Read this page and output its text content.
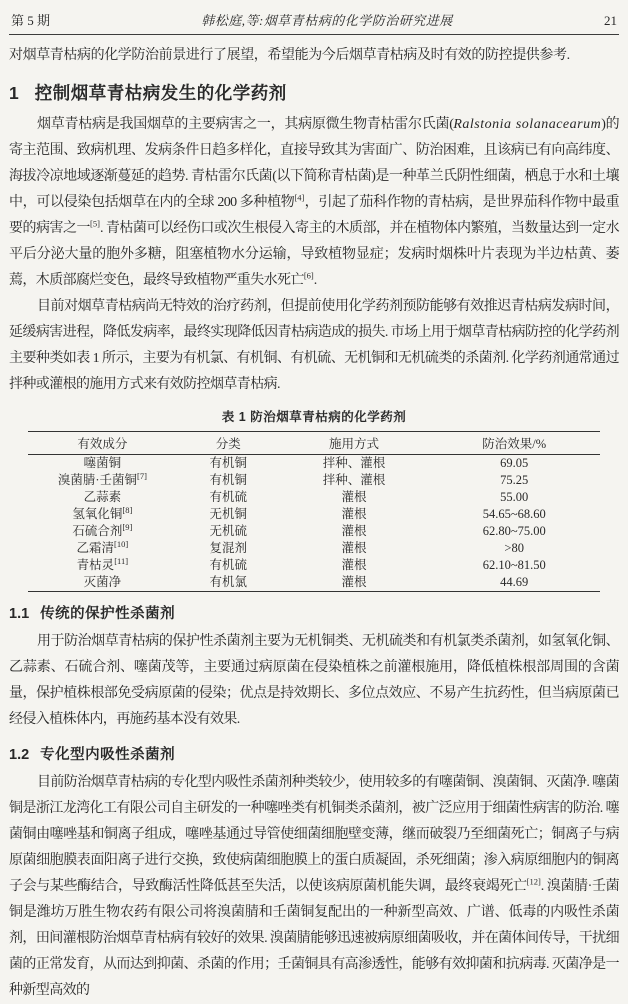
第 5 期	韩松庭,等:烟草青枯病的化学防治研究进展	21

对烟草青枯病的化学防治前景进行了展望，希望能为今后烟草青枯病及时有效的防控提供参考.

1 控制烟草青枯病发生的化学药剂

烟草青枯病是我国烟草的主要病害之一，其病原微生物青枯雷尔氏菌(Ralstonia solanacearum)的寄主范围、致病机理、发病条件日趋多样化，直接导致其为害面广、防治困难，且该病已有向高纬度、海拔冷凉地域逐渐蔓延的趋势. 青枯雷尔氏菌(以下简称青枯菌)是一种革兰氏阴性细菌，栖息于水和土壤中，可以侵染包括烟草在内的全球 200 多种植物[4]，引起了茄科作物的青枯病，是世界茄科作物中最重要的病害之一[5]. 青枯菌可以经伤口或次生根侵入寄主的木质部，并在植物体内繁殖，当数量达到一定水平后分泌大量的胞外多糖，阻塞植物水分运输，导致植物显症；发病时烟株叶片表现为半边枯黄、萎蔫，木质部腐烂变色，最终导致植物严重失水死亡[6].

目前对烟草青枯病尚无特效的治疗药剂，但提前使用化学药剂预防能够有效推迟青枯病发病时间，延缓病害进程，降低发病率，最终实现降低因青枯病造成的损失. 市场上用于烟草青枯病防控的化学药剂主要种类如表 1 所示，主要为有机氯、有机铜、有机硫、无机铜和无机硫类的杀菌剂. 化学药剂通常通过拌种或灌根的施用方式来有效防控烟草青枯病.

表 1 防治烟草青枯病的化学药剂
有效成分	分类	施用方式	防治效果/%
噻菌铜	有机铜	拌种、灌根	69.05
溴菌腈·壬菌铜[7]	有机铜	拌种、灌根	75.25
乙蒜素	有机硫	灌根	55.00
氢氧化铜[8]	无机铜	灌根	54.65~68.60
石硫合剂[9]	无机硫	灌根	62.80~75.00
乙霜清[10]	复混剂	灌根	>80
青枯灵[11]	有机硫	灌根	62.10~81.50
灭菌净	有机氯	灌根	44.69
1.1 传统的保护性杀菌剂

用于防治烟草青枯病的保护性杀菌剂主要为无机铜类、无机硫类和有机氯类杀菌剂，如氢氧化铜、乙蒜素、石硫合剂、噻菌茂等，主要通过病原菌在侵染植株之前灌根施用，降低植株根部周围的含菌量，保护植株根部免受病原菌的侵染；优点是持效期长、多位点效应、不易产生抗药性，但当病原菌已经侵入植株体内，再施药基本没有效果.

1.2 专化型内吸性杀菌剂

目前防治烟草青枯病的专化型内吸性杀菌剂种类较少，使用较多的有噻菌铜、溴菌铜、灭菌净. 噻菌铜是浙江龙湾化工有限公司自主研发的一种噻唑类有机铜类杀菌剂，被广泛应用于细菌性病害的防治. 噻菌铜由噻唑基和铜离子组成，噻唑基通过导管使细菌细胞壁变薄，继而破裂乃至细菌死亡；铜离子与病原菌细胞膜表面阳离子进行交换，致使病菌细胞膜上的蛋白质凝固，杀死细菌；渗入病原细胞内的铜离子会与某些酶结合，导致酶活性降低甚至失活，以使该病原菌机能失调，最终衰竭死亡[12]. 溴菌腈·壬菌铜是潍坊万胜生物农药有限公司将溴菌腈和壬菌铜复配出的一种新型高效、广谱、低毒的内吸性杀菌剂，田间灌根防治烟草青枯病有较好的效果. 溴菌腈能够迅速被病原细菌吸收，并在菌体间传导，干扰细菌的正常发育，从而达到抑菌、杀菌的作用；壬菌铜具有高渗透性，能够有效抑菌和抗病毒. 灭菌净是一种新型高效的
